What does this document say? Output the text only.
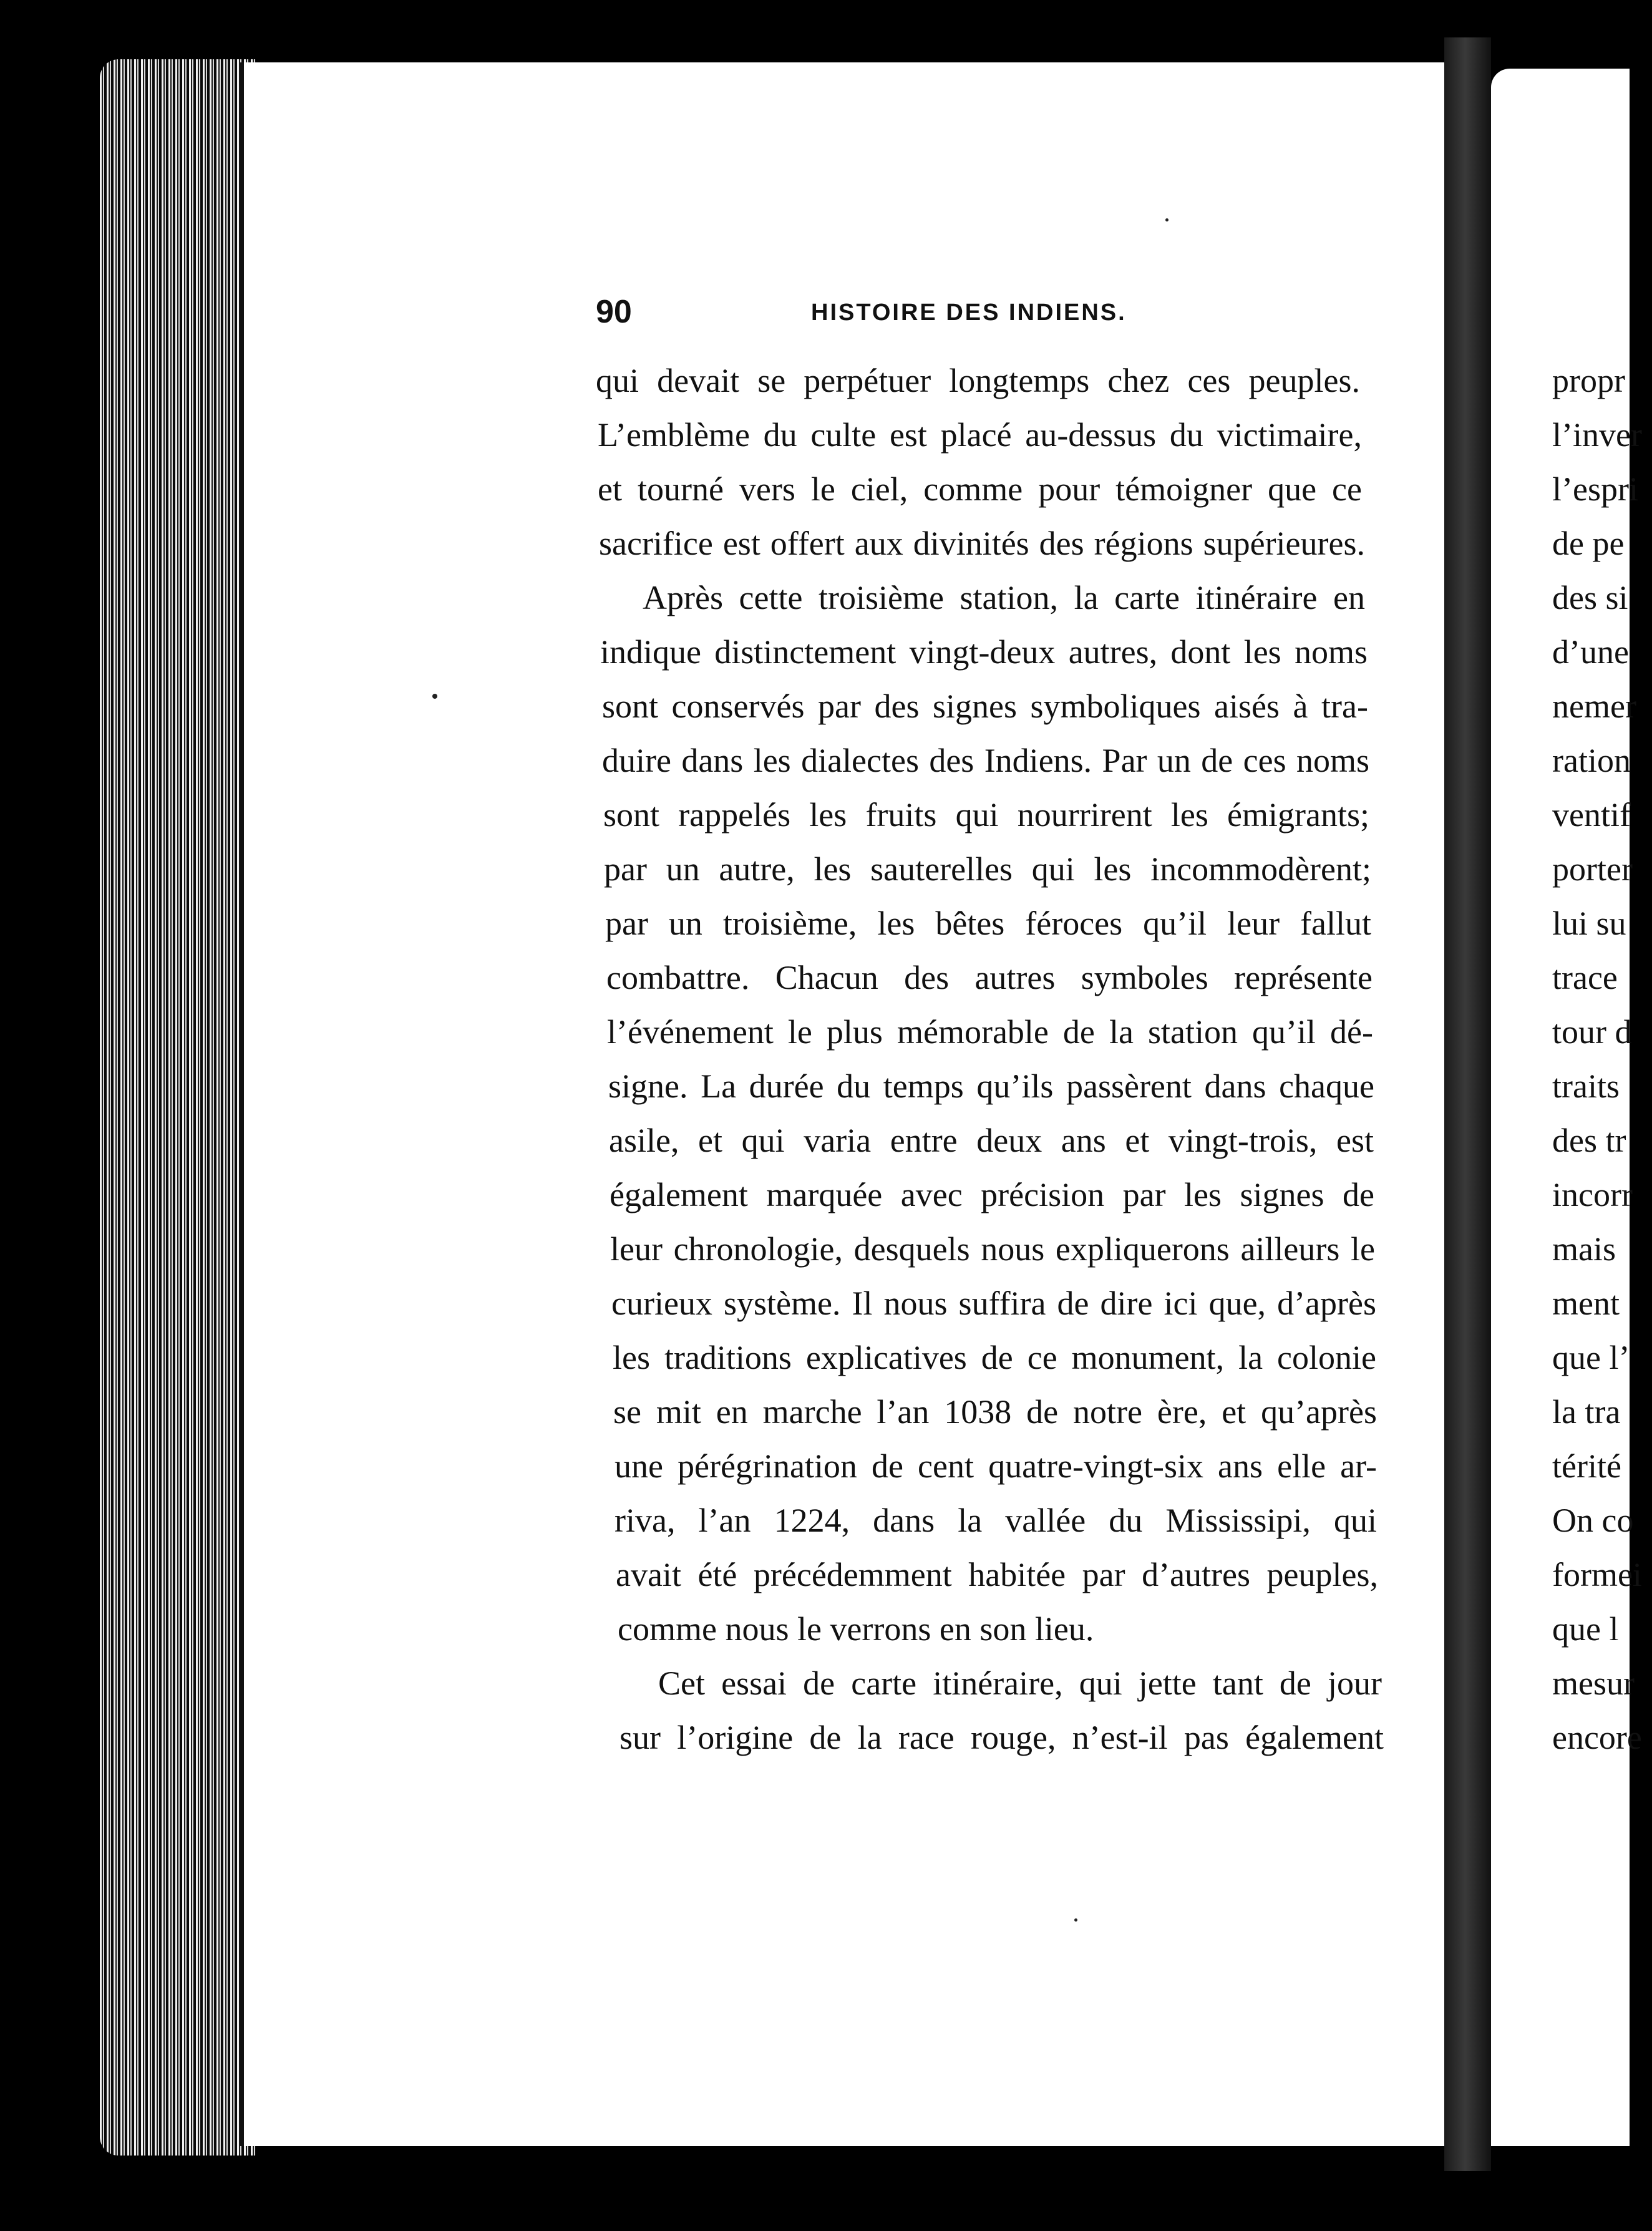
90	HISTOIRE DES INDIENS.
qui devait se perpétuer longtemps chez ces peuples.
L’emblème du culte est placé au-dessus du victimaire,
et tourné vers le ciel, comme pour témoigner que ce
sacrifice est offert aux divinités des régions supérieures.
Après cette troisième station, la carte itinéraire en
indique distinctement vingt-deux autres, dont les noms
sont conservés par des signes symboliques aisés à tra-
duire dans les dialectes des Indiens. Par un de ces noms
sont rappelés les fruits qui nourrirent les émigrants;
par un autre, les sauterelles qui les incommodèrent;
par un troisième, les bêtes féroces qu’il leur fallut
combattre. Chacun des autres symboles représente
l’événement le plus mémorable de la station qu’il dé-
signe. La durée du temps qu’ils passèrent dans chaque
asile, et qui varia entre deux ans et vingt-trois, est
également marquée avec précision par les signes de
leur chronologie, desquels nous expliquerons ailleurs le
curieux système. Il nous suffira de dire ici que, d’après
les traditions explicatives de ce monument, la colonie
se mit en marche l’an 1038 de notre ère, et qu’après
une pérégrination de cent quatre-vingt-six ans elle ar-
riva, l’an 1224, dans la vallée du Mississipi, qui
avait été précédemment habitée par d’autres peuples,
comme nous le verrons en son lieu.
Cet essai de carte itinéraire, qui jette tant de jour
sur l’origine de la race rouge, n’est-il pas également
propr
l’inver
l’espri
de pe
des si
d’une
nemer
ration
ventif
porter
lui su
trace
tour d
traits
des tr
incorr
mais
ment
que l’
la tra
térité
On co
formei
que l
mesur
encore
